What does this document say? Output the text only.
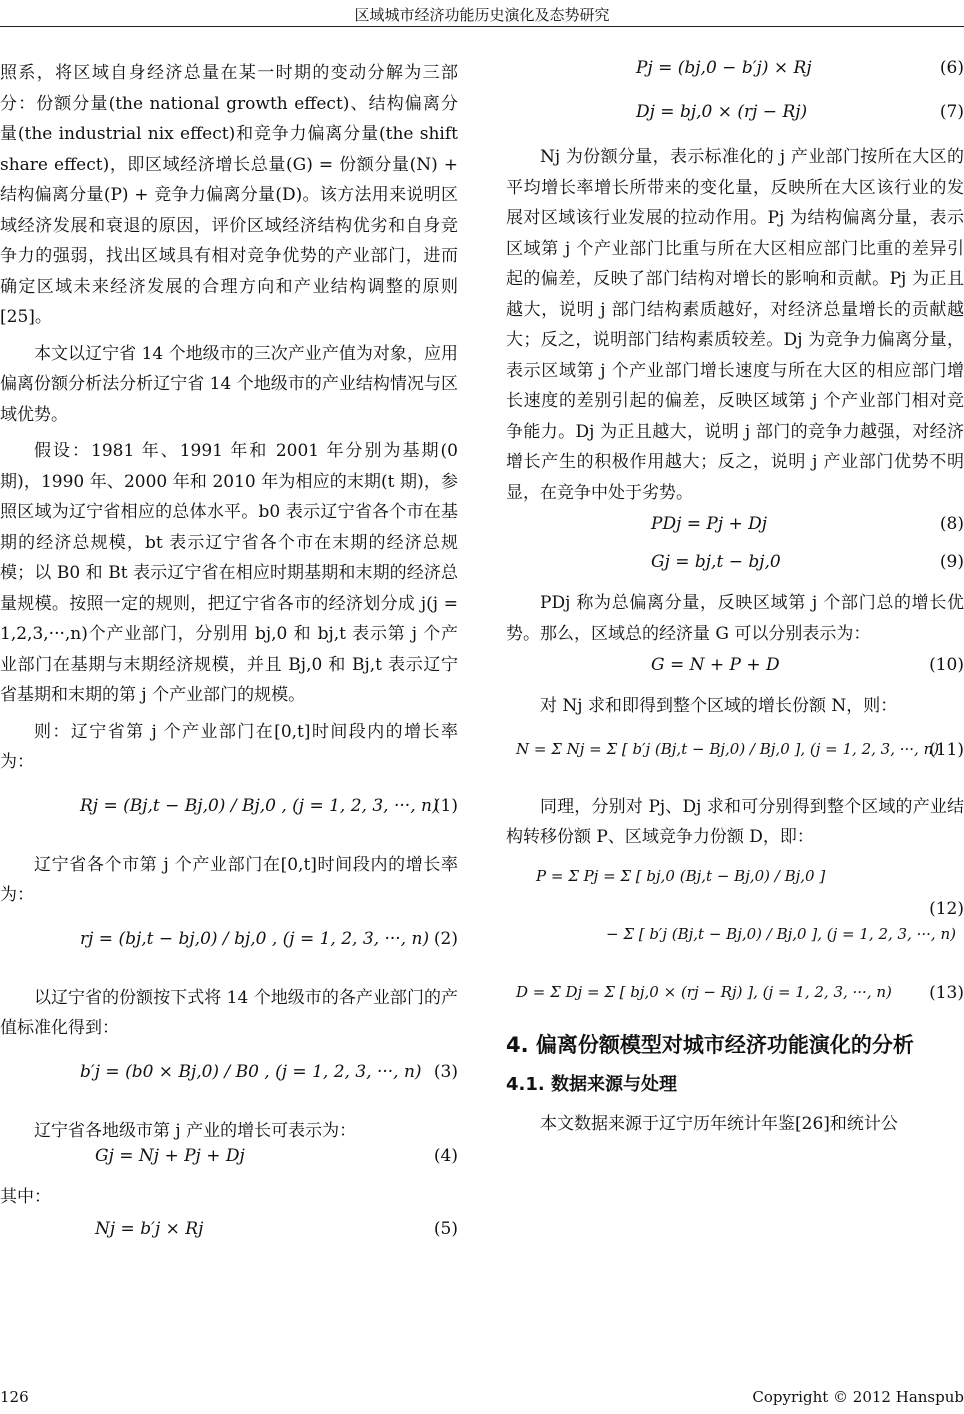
区域城市经济功能历史演化及态势研究

照系，将区域自身经济总量在某一时期的变动分解为三部分：份额分量(the national growth effect)、结构偏离分量(the industrial nix effect)和竞争力偏离分量(the shift share effect)，即区域经济增长总量(G) = 份额分量(N) + 结构偏离分量(P) + 竞争力偏离分量(D)。该方法用来说明区域经济发展和衰退的原因，评价区域经济结构优劣和自身竞争力的强弱，找出区域具有相对竞争优势的产业部门，进而确定区域未来经济发展的合理方向和产业结构调整的原则[25]。

本文以辽宁省 14 个地级市的三次产业产值为对象，应用偏离份额分析法分析辽宁省 14 个地级市的产业结构情况与区域优势。

假设：1981 年、1991 年和 2001 年分别为基期(0 期)，1990 年、2000 年和 2010 年为相应的末期(t 期)，参照区域为辽宁省相应的总体水平。b0 表示辽宁省各个市在基期的经济总规模，bt 表示辽宁省各个市在末期的经济总规模；以 B0 和 Bt 表示辽宁省在相应时期基期和末期的经济总量规模。按照一定的规则，把辽宁省各市的经济划分成 j(j = 1,2,3,···,n)个产业部门，分别用 bj,0 和 bj,t 表示第 j 个产业部门在基期与末期经济规模，并且 Bj,0 和 Bj,t 表示辽宁省基期和末期的第 j 个产业部门的规模。

则：辽宁省第 j 个产业部门在[0,t]时间段内的增长率为：

Rj = (Bj,t − Bj,0) / Bj,0 , (j = 1, 2, 3, ···, n)
(1)

辽宁省各个市第 j 个产业部门在[0,t]时间段内的增长率为：

rj = (bj,t − bj,0) / bj,0 , (j = 1, 2, 3, ···, n) (2)

以辽宁省的份额按下式将 14 个地级市的各产业部门的产值标准化得到：

b′j = (b0 × Bj,0) / B0 , (j = 1, 2, 3, ···, n) (3)

辽宁省各地级市第 j 产业的增长可表示为：

Gj = Nj + Pj + Dj	(4)

其中：

Nj = b′j × Rj	(5)
Pj = (bj,0 − b′j) × Rj	(6)
Dj = bj,0 × (rj − Rj)	(7)

Nj 为份额分量，表示标准化的 j 产业部门按所在大区的平均增长率增长所带来的变化量，反映所在大区该行业的发展对区域该行业发展的拉动作用。Pj 为结构偏离分量，表示区域第 j 个产业部门比重与所在大区相应部门比重的差异引起的偏差，反映了部门结构对增长的影响和贡献。Pj 为正且越大，说明 j 部门结构素质越好，对经济总量增长的贡献越大；反之，说明部门结构素质较差。Dj 为竞争力偏离分量，表示区域第 j 个产业部门增长速度与所在大区的相应部门增长速度的差别引起的偏差，反映区域第 j 个产业部门相对竞争能力。Dj 为正且越大，说明 j 部门的竞争力越强，对经济增长产生的积极作用越大；反之，说明 j 产业部门优势不明显，在竞争中处于劣势。

PDj = Pj + Dj	(8)
Gj = bj,t − bj,0	(9)

PDj 称为总偏离分量，反映区域第 j 个部门总的增长优势。那么，区域总的经济量 G 可以分别表示为：

G = N + P + D	(10)

对 Nj 求和即得到整个区域的增长份额 N，则：

N = Σ Nj = Σ [ b′j (Bj,t − Bj,0) / Bj,0 ], (j = 1, 2, 3, ···, n)
(11)

同理，分别对 Pj、Dj 求和可分别得到整个区域的产业结构转移份额 P、区域竞争力份额 D，即：

P = Σ Pj = Σ [ bj,0 (Bj,t − Bj,0) / Bj,0 ]
− Σ [ b′j (Bj,t − Bj,0) / Bj,0 ], (j = 1, 2, 3, ···, n)
(12)
D = Σ Dj = Σ [ bj,0 × (rj − Rj) ], (j = 1, 2, 3, ···, n) (13)
4. 偏离份额模型对城市经济功能演化的分析
4.1. 数据来源与处理

本文数据来源于辽宁历年统计年鉴[26]和统计公

126	Copyright © 2012 Hanspub
